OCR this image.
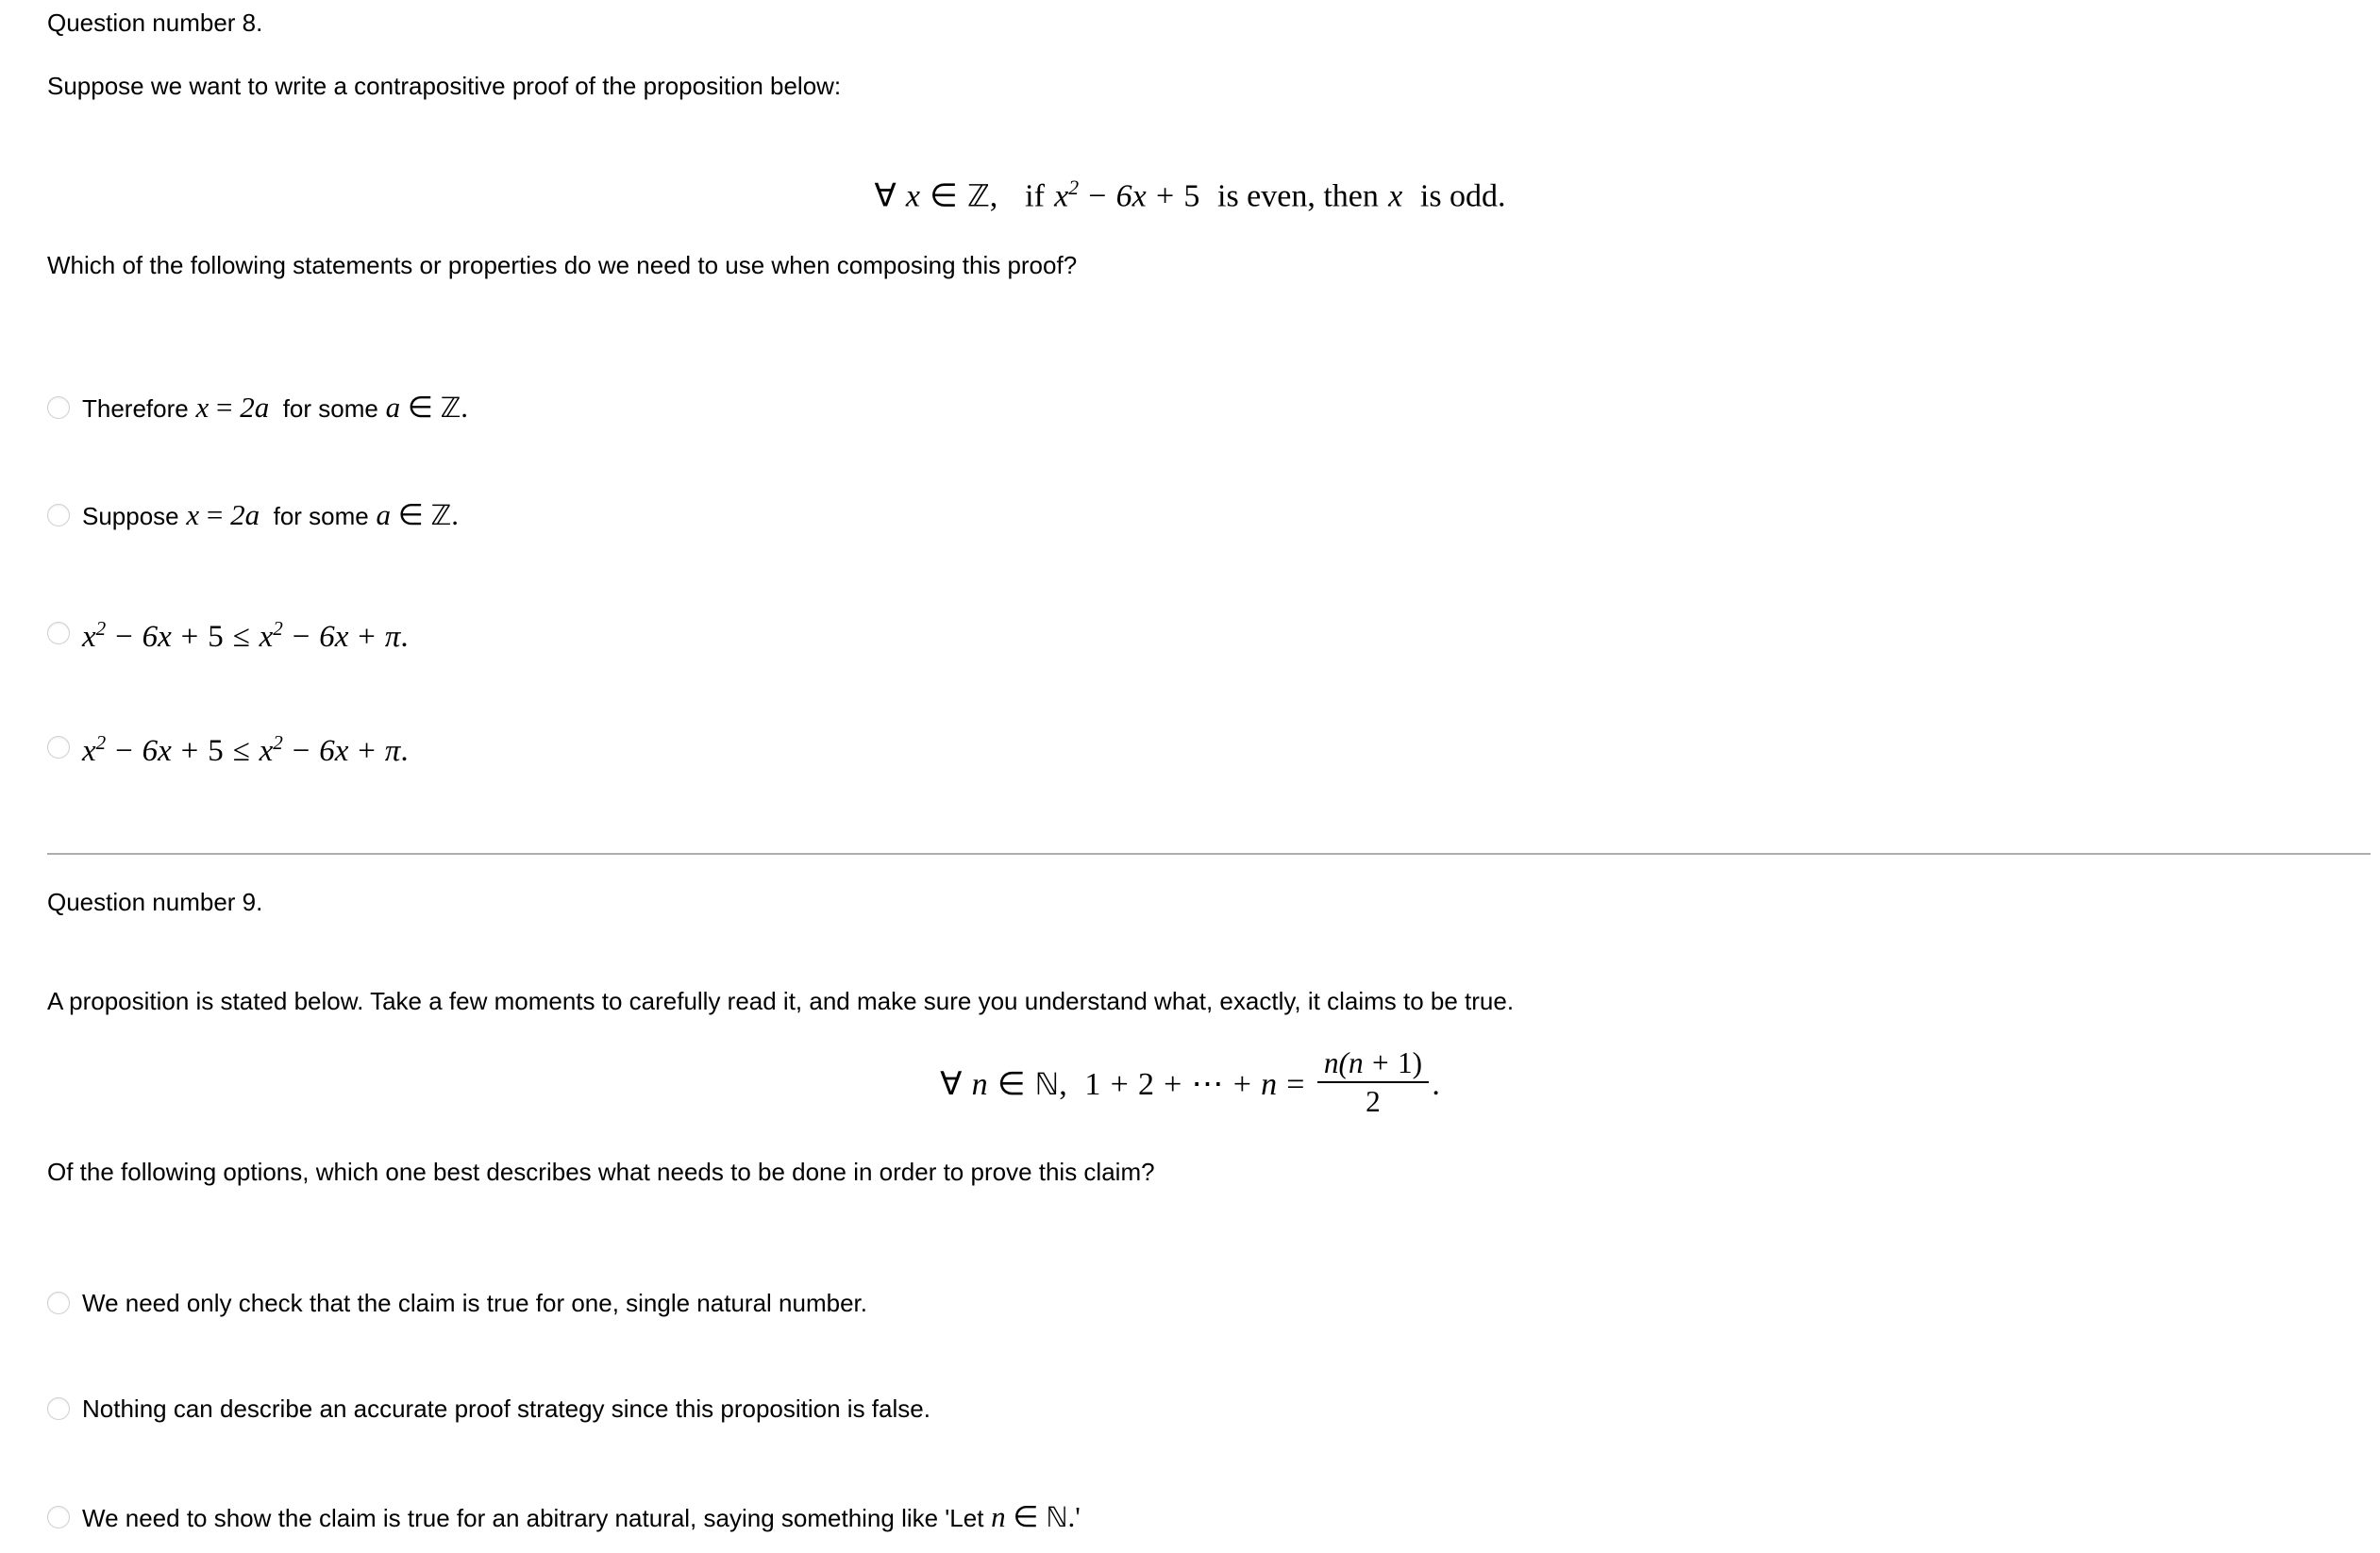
Question number 8.
Suppose we want to write a contrapositive proof of the proposition below:
∀ x ∈ ℤ, if $x^2 - 6x + 5$ is even, then x is odd.
Which of the following statements or properties do we need to use when composing this proof?
Therefore x = 2a for some a ∈ ℤ.
Suppose x = 2a for some a ∈ ℤ.
$x^2 - 6x + 5 \le x^2 - 6x + \pi$.
$x^2 - 6x + 5 \le x^2 - 6x + \pi$.
Question number 9.
A proposition is stated below. Take a few moments to carefully read it, and make sure you understand what, exactly, it claims to be true.
∀ n ∈ ℕ, 1 + 2 + ⋯ + $n = \frac{n(n + 1)}{2}$ .
Of the following options, which one best describes what needs to be done in order to prove this claim?
We need only check that the claim is true for one, single natural number.
Nothing can describe an accurate proof strategy since this proposition is false.
We need to show the claim is true for an abitrary natural, saying something like 'Let n ∈ ℕ.'
